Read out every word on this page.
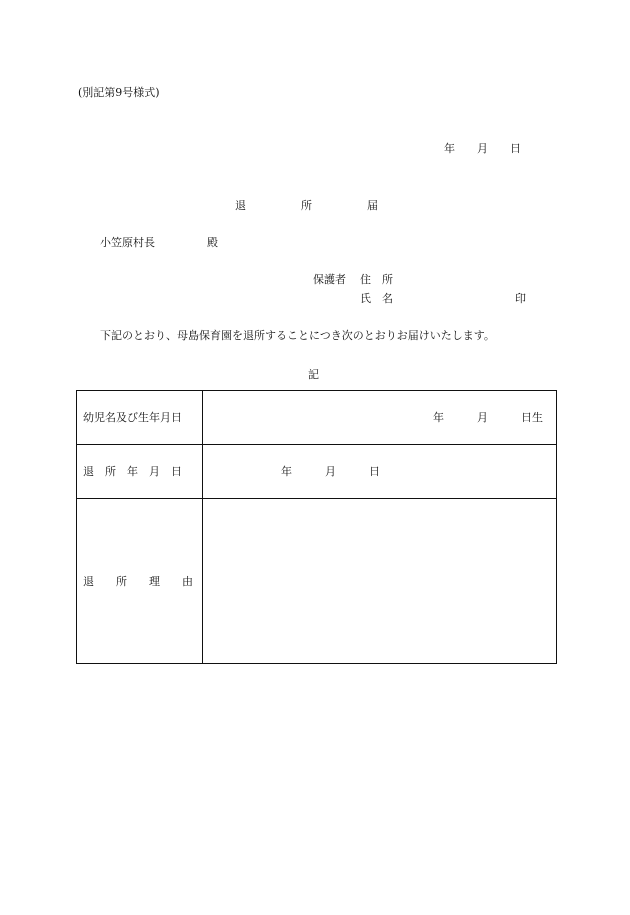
(別記第9号様式)
年　　月　　日
退　　　　　所　　　　　届
小笠原村長	殿
保護者 住　所
氏　名	印
下記のとおり、母島保育園を退所することにつき次のとおりお届けいたします。
記
幼児名及び生年月日	年　　　月　　　日生
退　所　年　月　日	年　　　月　　　日
退　　所　　理　　由
